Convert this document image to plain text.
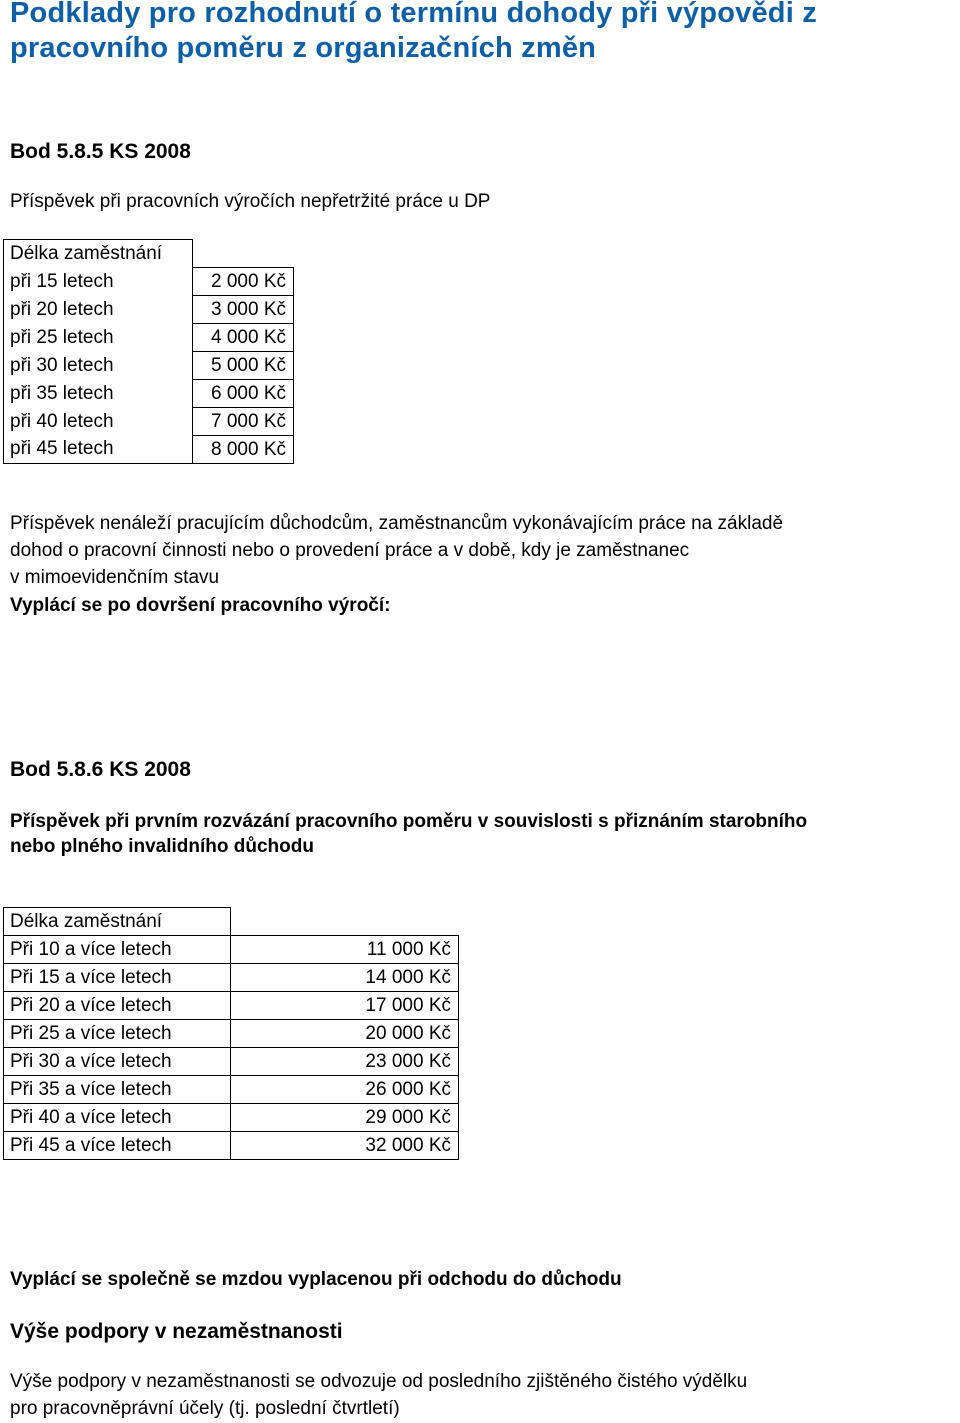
Podklady pro rozhodnutí o termínu dohody při výpovědi z pracovního poměru z organizačních změn
Bod 5.8.5 KS 2008
Příspěvek při pracovních výročích nepřetržité práce u DP
Délka zaměstnání	
při 15 letech	2 000 Kč
při 20 letech	3 000 Kč
při 25 letech	4 000 Kč
při 30 letech	5 000 Kč
při 35 letech	6 000 Kč
při 40 letech	7 000 Kč
při 45 letech	8 000 Kč
Příspěvek nenáleží pracujícím důchodcům, zaměstnancům vykonávajícím práce na základě
dohod o pracovní činnosti nebo o provedení práce a v době, kdy je zaměstnanec
v mimoevidenčním stavu
Vyplácí se po dovršení pracovního výročí:
Bod 5.8.6 KS 2008
Příspěvek při prvním rozvázání pracovního poměru v souvislosti s přiznáním starobního
nebo plného invalidního důchodu
Délka zaměstnání	
Při 10 a více letech	11 000 Kč
Při 15 a více letech	14 000 Kč
Při 20 a více letech	17 000 Kč
Při 25 a více letech	20 000 Kč
Při 30 a více letech	23 000 Kč
Při 35 a více letech	26 000 Kč
Při 40 a více letech	29 000 Kč
Při 45 a více letech	32 000 Kč
Vyplácí se společně se mzdou vyplacenou při odchodu do důchodu
Výše podpory v nezaměstnanosti
Výše podpory v nezaměstnanosti se odvozuje od posledního zjištěného čistého výdělku
pro pracovněprávní účely (tj. poslední čtvrtletí)
